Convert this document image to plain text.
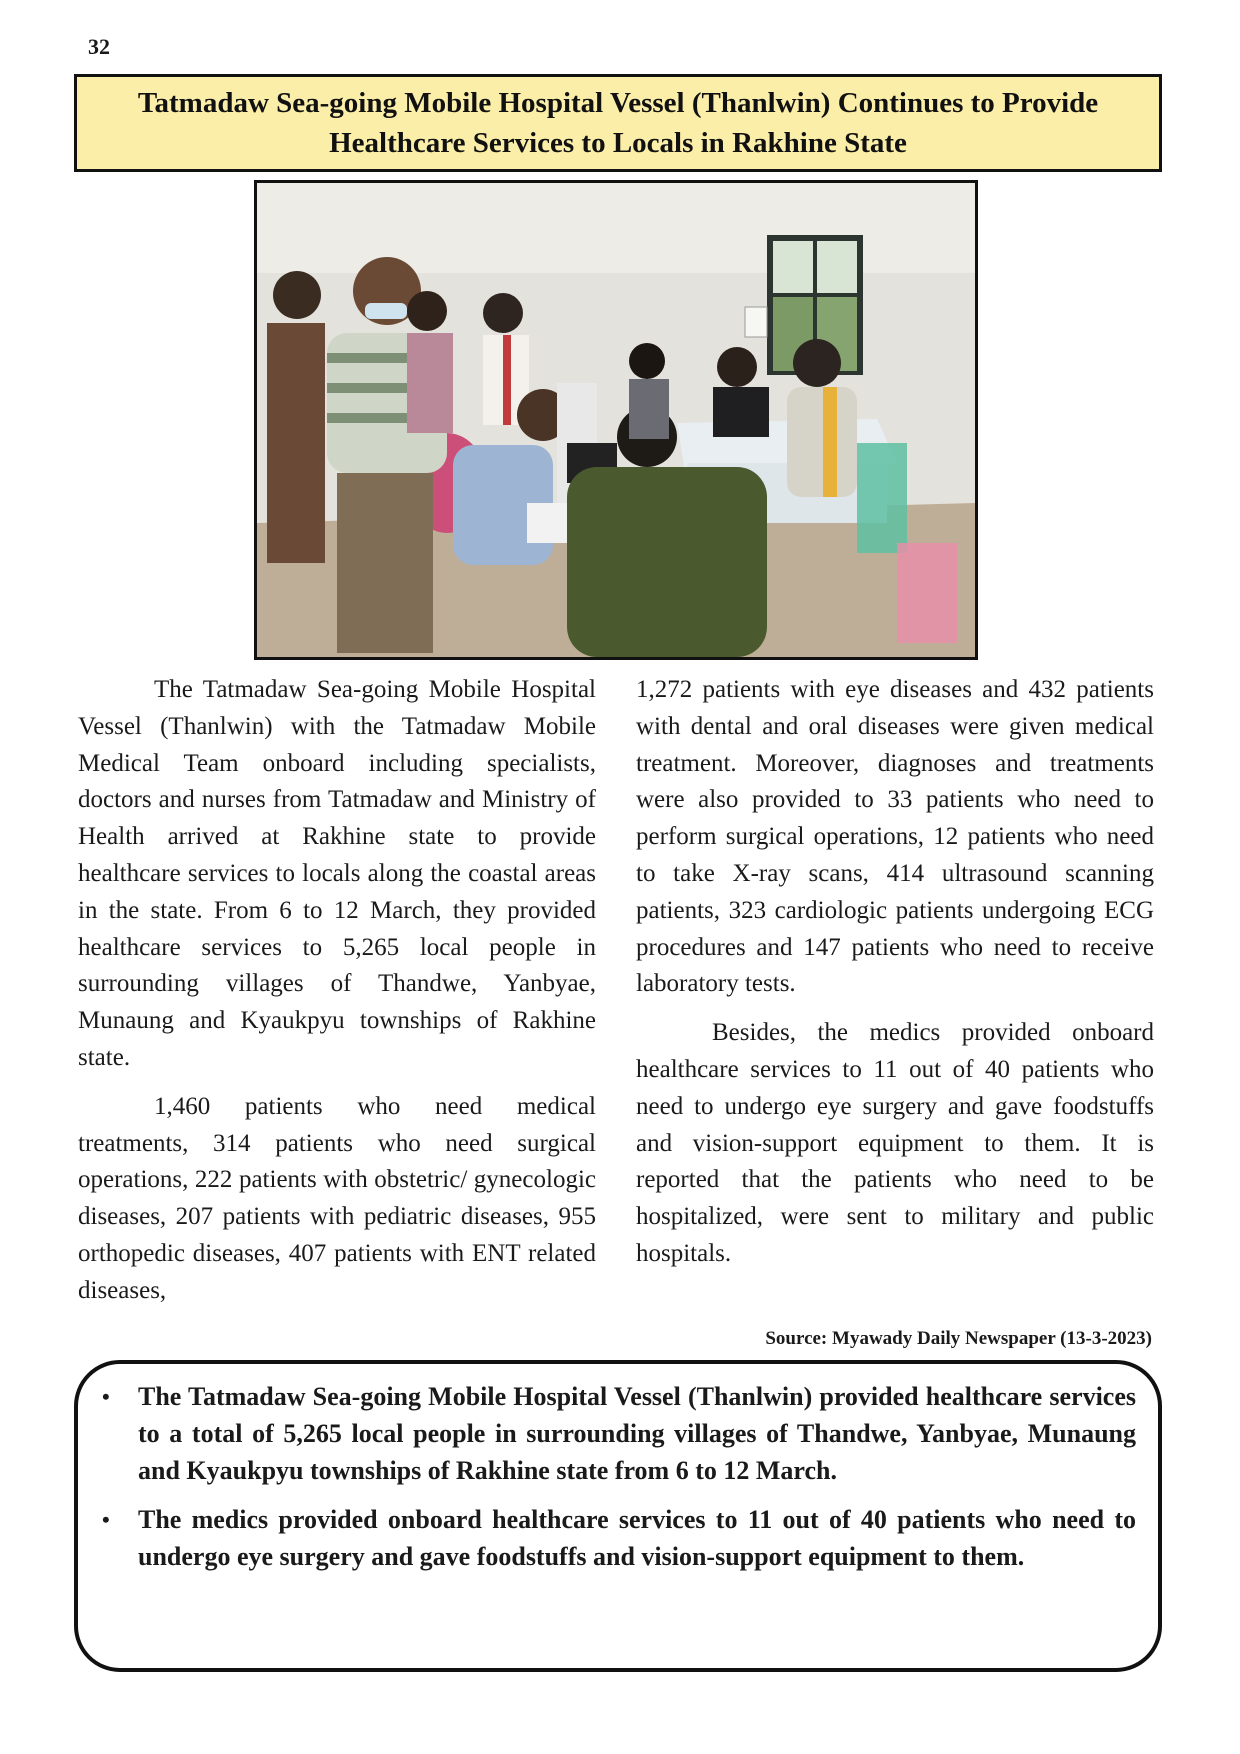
32
Tatmadaw Sea-going Mobile Hospital Vessel (Thanlwin) Continues to Provide Healthcare Services to Locals in Rakhine State

The Tatmadaw Sea-going Mobile Hospital Vessel (Thanlwin) with the Tatmadaw Mobile Medical Team onboard including specialists, doctors and nurses from Tatmadaw and Ministry of Health arrived at Rakhine state to provide healthcare services to locals along the coastal areas in the state. From 6 to 12 March, they provided healthcare services to 5,265 local people in surrounding villages of Thandwe, Yanbyae, Munaung and Kyaukpyu townships of Rakhine state.

1,460 patients who need medical treatments, 314 patients who need surgical operations, 222 patients with obstetric/ gynecologic diseases, 207 patients with pediatric diseases, 955 orthopedic diseases, 407 patients with ENT related diseases,

1,272 patients with eye diseases and 432 patients with dental and oral diseases were given medical treatment. Moreover, diagnoses and treatments were also provided to 33 patients who need to perform surgical operations, 12 patients who need to take X-ray scans, 414 ultrasound scanning patients, 323 cardiologic patients undergoing ECG procedures and 147 patients who need to receive laboratory tests.

Besides, the medics provided onboard healthcare services to 11 out of 40 patients who need to undergo eye surgery and gave foodstuffs and vision-support equipment to them. It is reported that the patients who need to be hospitalized, were sent to military and public hospitals.

Source: Myawady Daily Newspaper (13-3-2023)
• The Tatmadaw Sea-going Mobile Hospital Vessel (Thanlwin) provided healthcare services to a total of 5,265 local people in surrounding villages of Thandwe, Yanbyae, Munaung and Kyaukpyu townships of Rakhine state from 6 to 12 March.
• The medics provided onboard healthcare services to 11 out of 40 patients who need to undergo eye surgery and gave foodstuffs and vision-support equipment to them.
